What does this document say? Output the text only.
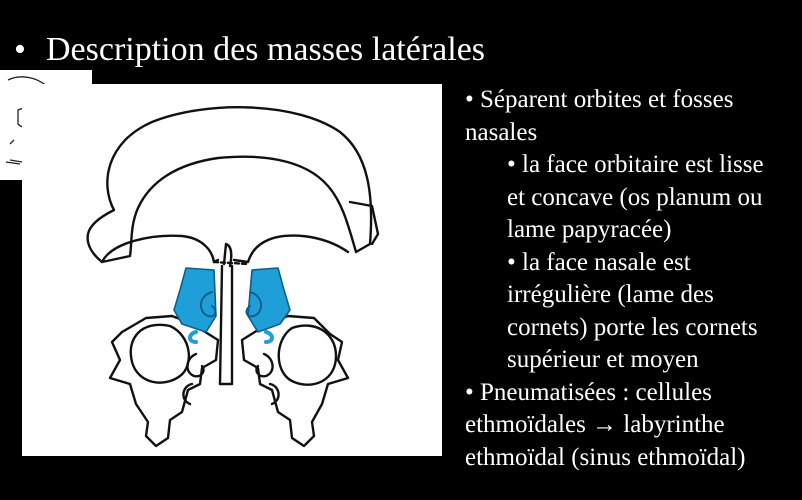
• Description des masses latérales
• Séparent orbites et fosses
nasales
• la face orbitaire est lisse
et concave (os planum ou
lame papyracée)
• la face nasale est
irrégulière (lame des
cornets) porte les cornets
supérieur et moyen
• Pneumatisées : cellules
ethmoïdales → labyrinthe
ethmoïdal (sinus ethmoïdal)
